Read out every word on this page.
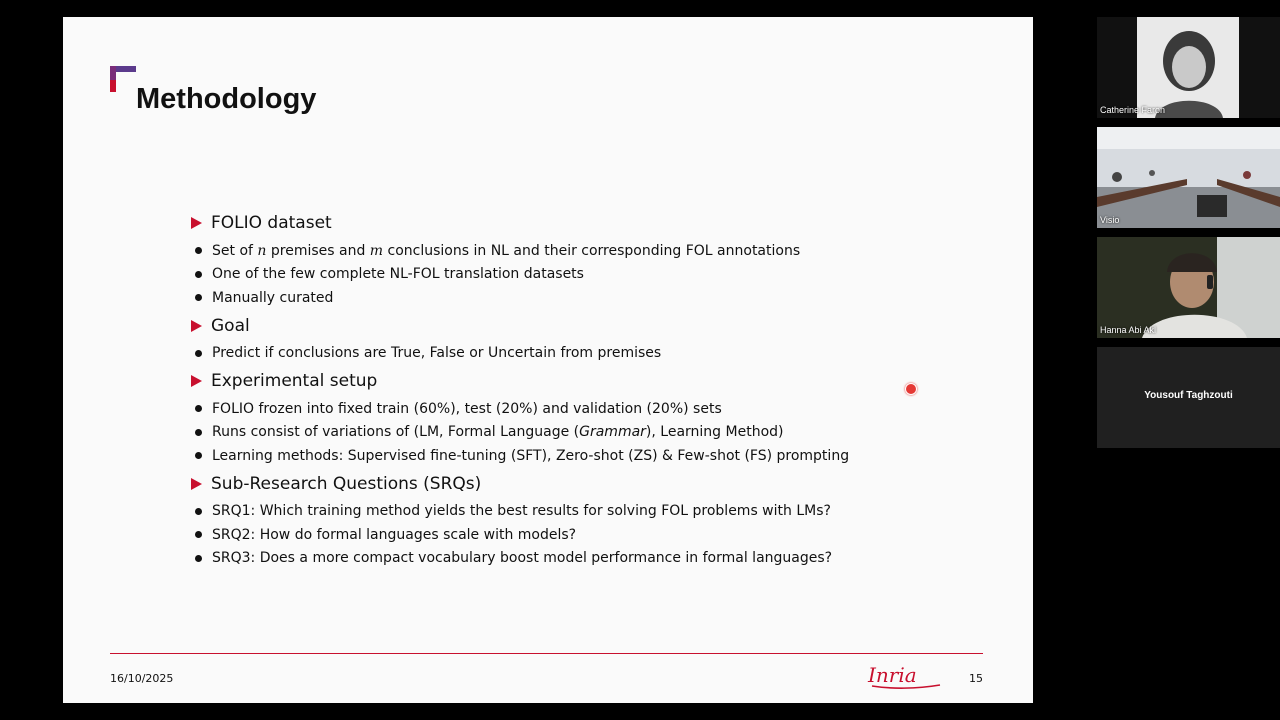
Methodology
FOLIO dataset
Set of n premises and m conclusions in NL and their corresponding FOL annotations
One of the few complete NL-FOL translation datasets
Manually curated
Goal
Predict if conclusions are True, False or Uncertain from premises
Experimental setup
FOLIO frozen into fixed train (60%), test (20%) and validation (20%) sets
Runs consist of variations of (LM, Formal Language (Grammar), Learning Method)
Learning methods: Supervised fine-tuning (SFT), Zero-shot (ZS) & Few-shot (FS) prompting
Sub-Research Questions (SRQs)
SRQ1: Which training method yields the best results for solving FOL problems with LMs?
SRQ2: How do formal languages scale with models?
SRQ3: Does a more compact vocabulary boost model performance in formal languages?
16/10/2025	Inria	15
Catherine Faron
Visio
Hanna Abi Akl
Yousouf Taghzouti
